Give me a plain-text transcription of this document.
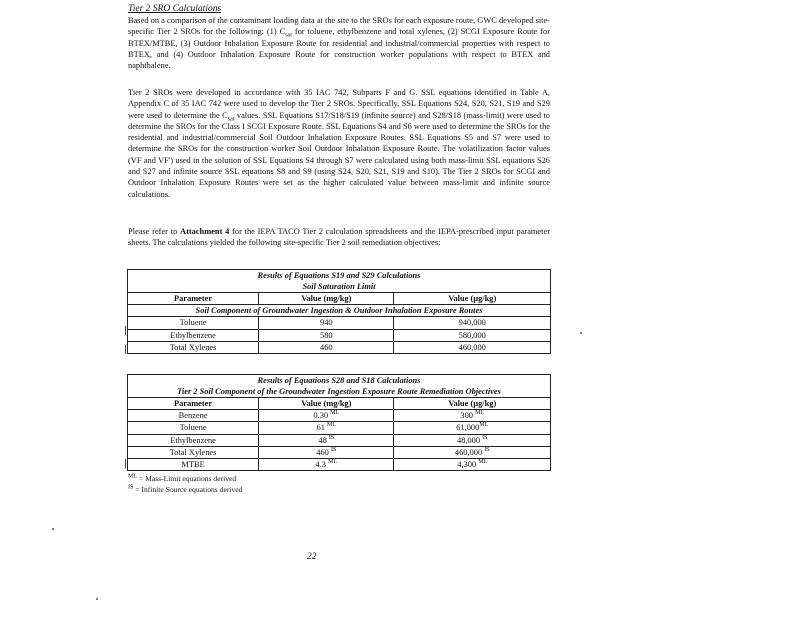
Tier 2 SRO Calculations
Based on a comparison of the contaminant loading data at the site to the SROs for each exposure route, GWC developed site-specific Tier 2 SROs for the following: (1) $C_{sat}$ for toluene, ethylbenzene and total xylenes, (2) SCGI Exposure Route for BTEX/MTBE, (3) Outdoor Inhalation Exposure Route for residential and industrial/commercial properties with respect to BTEX, and (4) Outdoor Inhalation Exposure Route for construction worker populations with respect to BTEX and naphthalene.
Tier 2 SROs were developed in accordance with 35 IAC 742, Subparts F and G. SSL equations identified in Table A, Appendix C of 35 IAC 742 were used to develop the Tier 2 SROs. Specifically, SSL Equations S24, S20, S21, S19 and S29 were used to determine the $C_{sat}$ values. SSL Equations S17/S18/S19 (infinite source) and S28/S18 (mass-limit) were used to determine the SROs for the Class I SCGI Exposure Route. SSL Equations S4 and S6 were used to determine the SROs for the residential and industrial/commercial Soil Outdoor Inhalation Exposure Routes. SSL Equations S5 and S7 were used to determine the SROs for the construction worker Soil Outdoor Inhalation Exposure Route. The volatilization factor values (VF and VF') used in the solution of SSL Equations S4 through S7 were calculated using both mass-limit SSL equations S26 and S27 and infinite source SSL equations S8 and S9 (using S24, S20, S21, S19 and S10). The Tier 2 SROs for SCGI and Outdoor Inhalation Exposure Routes were set as the higher calculated value between mass-limit and infinite source calculations.
Please refer to Attachment 4 for the IEPA TACO Tier 2 calculation spreadsheets and the IEPA-prescribed input parameter sheets. The calculations yielded the following site-specific Tier 2 soil remediation objectives:
Results of Equations S19 and S29 Calculations
Soil Saturation Limit		

Parameter	Value (mg/kg)	Value (µg/kg)
Soil Component of Groundwater Ingestion & Outdoor Inhalation Exposure Routes		
Toluene	940	940,000
Ethylbenzene	580	580,000
Total Xylenes	460	460,000
Results of Equations S28 and S18 Calculations
Tier 2 Soil Component of the Groundwater Ingestion Exposure Route Remediation Objectives		

Parameter	Value (mg/kg)	Value (µg/kg)
Benzene	0.30 $^{ML}$	300 $^{ML}$
Toluene	61 $^{ML}$	$61,000^{ML}$
Ethylbenzene	48 $^{IS}$	48,000 $^{IS}$
Total Xylenes	460 $^{IS}$	460,000 $^{IS}$
MTBE	4.3 $^{ML}$	4,300 $^{ML}$
$^{ML}$ = Mass-Limit equations derived
$^{IS}$ = Infinite Source equations derived
22
